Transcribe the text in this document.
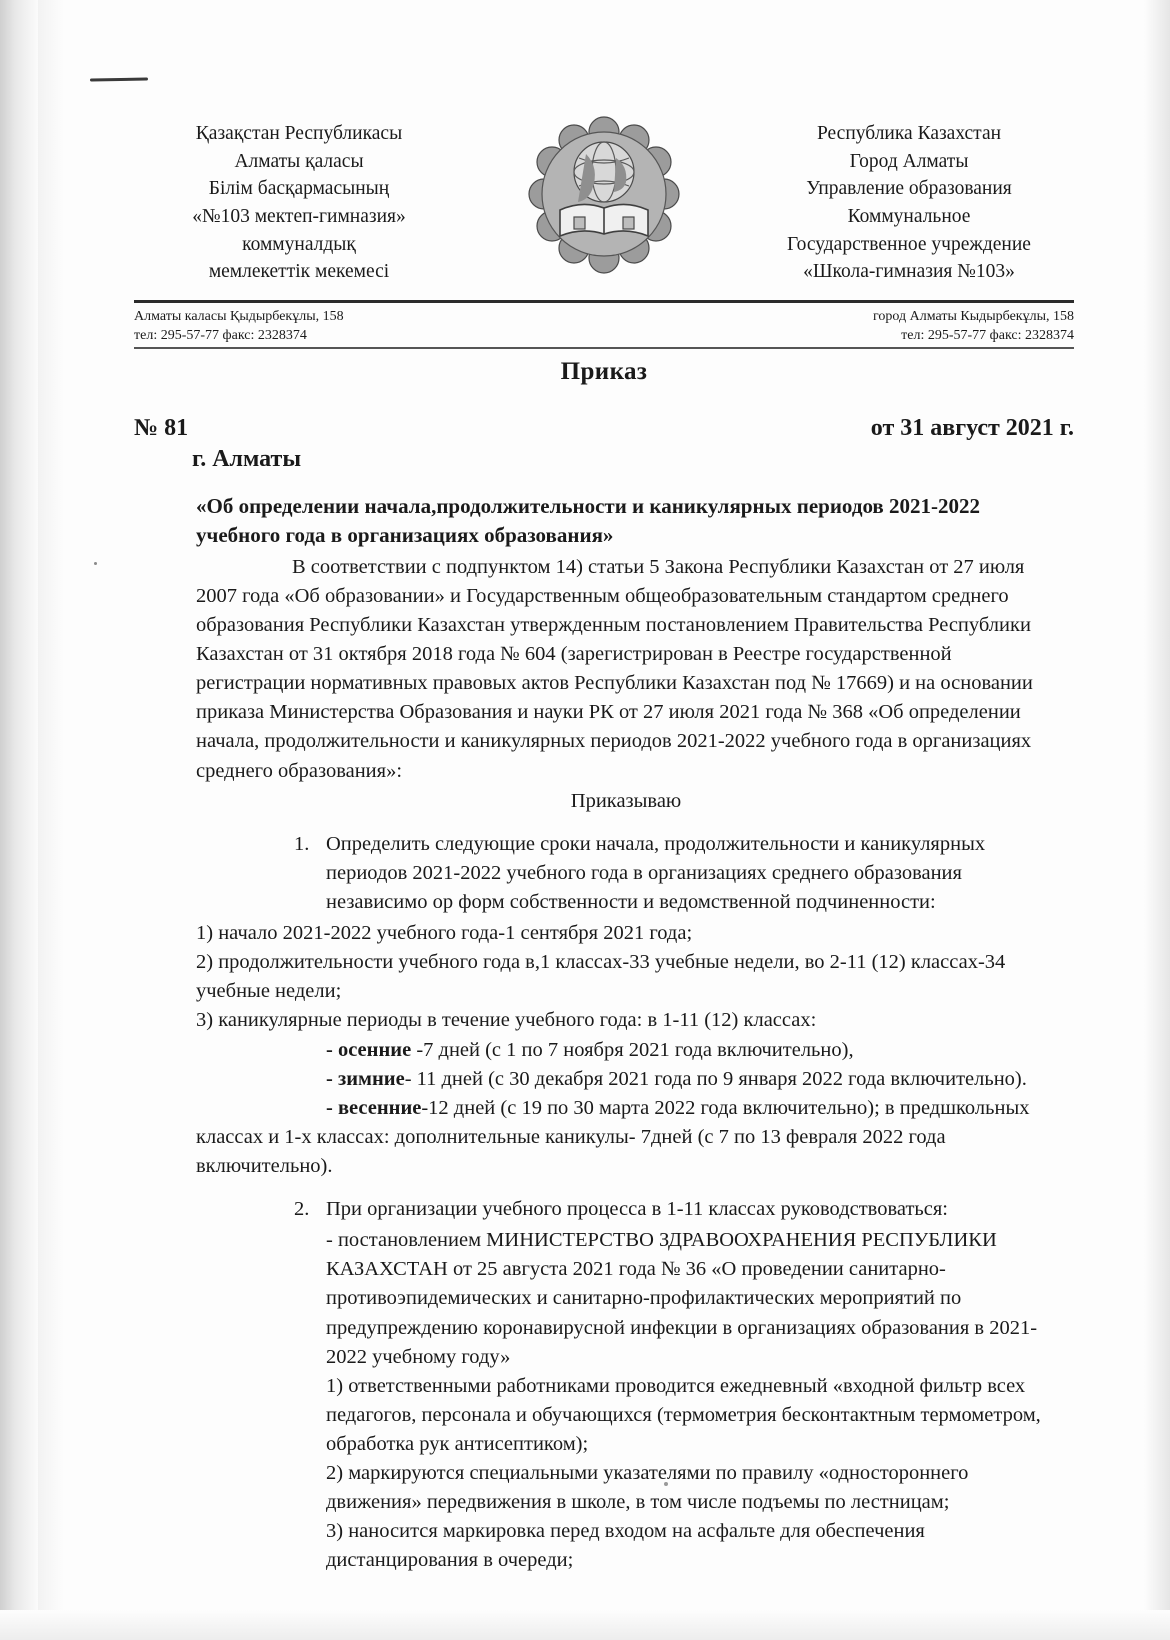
Қазақстан Республикасы
Алматы қаласы
Білім басқармасының
«№103 мектеп-гимназия»
коммуналдық
мемлекеттік мекемесі
Республика Казахстан
Город Алматы
Управление образования
Коммунальное
Государственное учреждение
«Школа-гимназия №103»
Алматы каласы Қыдырбекұлы, 158
тел: 295-57-77 факс: 2328374
город Алматы Кыдырбекұлы, 158
тел: 295-57-77 факс: 2328374
Приказ
№ 81	от 31 август 2021 г.
г. Алматы
«Об определении начала,продолжительности и каникулярных периодов 2021-2022 учебного года в организациях образования»

В соответствии с подпунктом 14) статьи 5 Закона Республики Казахстан от 27 июля 2007 года «Об образовании» и Государственным общеобразовательным стандартом среднего образования Республики Казахстан утвержденным постановлением Правительства Республики Казахстан от 31 октября 2018 года № 604 (зарегистрирован в Реестре государственной регистрации нормативных правовых актов Республики Казахстан под № 17669) и на основании приказа Министерства Образования и науки РК от 27 июля 2021 года № 368 «Об определении начала, продолжительности и каникулярных периодов 2021-2022 учебного года в организациях среднего образования»:

Приказываю
Определить следующие сроки начала, продолжительности и каникулярных периодов 2021-2022 учебного года в организациях среднего образования независимо ор форм собственности и ведомственной подчиненности:

1) начало 2021-2022 учебного года-1 сентября 2021 года;

2) продолжительности учебного года в,1 классах-33 учебные недели, во 2-11 (12) классах-34 учебные недели;

3) каникулярные периоды в течение учебного года: в 1-11 (12) классах:

- осенние -7 дней (с 1 по 7 ноября 2021 года включительно),

- зимние- 11 дней (с 30 декабря 2021 года по 9 января 2022 года включительно).

- весенние-12 дней (с 19 по 30 марта 2022 года включительно); в предшкольных

классах и 1-х классах: дополнительные каникулы- 7дней (с 7 по 13 февраля 2022 года включительно).

При организации учебного процесса в 1-11 классах руководствоваться:

- постановлением МИНИСТЕРСТВО ЗДРАВООХРАНЕНИЯ РЕСПУБЛИКИ КАЗАХСТАН от 25 августа 2021 года № 36 «О проведении санитарно-противоэпидемических и санитарно-профилактических мероприятий по предупреждению коронавирусной инфекции в организациях образования в 2021-2022 учебному году»

1) ответственными работниками проводится ежедневный «входной фильтр всех педагогов, персонала и обучающихся (термометрия бесконтактным термометром, обработка рук антисептиком);

2) маркируются специальными указателями по правилу «одностороннего движения» передвижения в школе, в том числе подъемы по лестницам;

3) наносится маркировка перед входом на асфальте для обеспечения дистанцирования в очереди;
